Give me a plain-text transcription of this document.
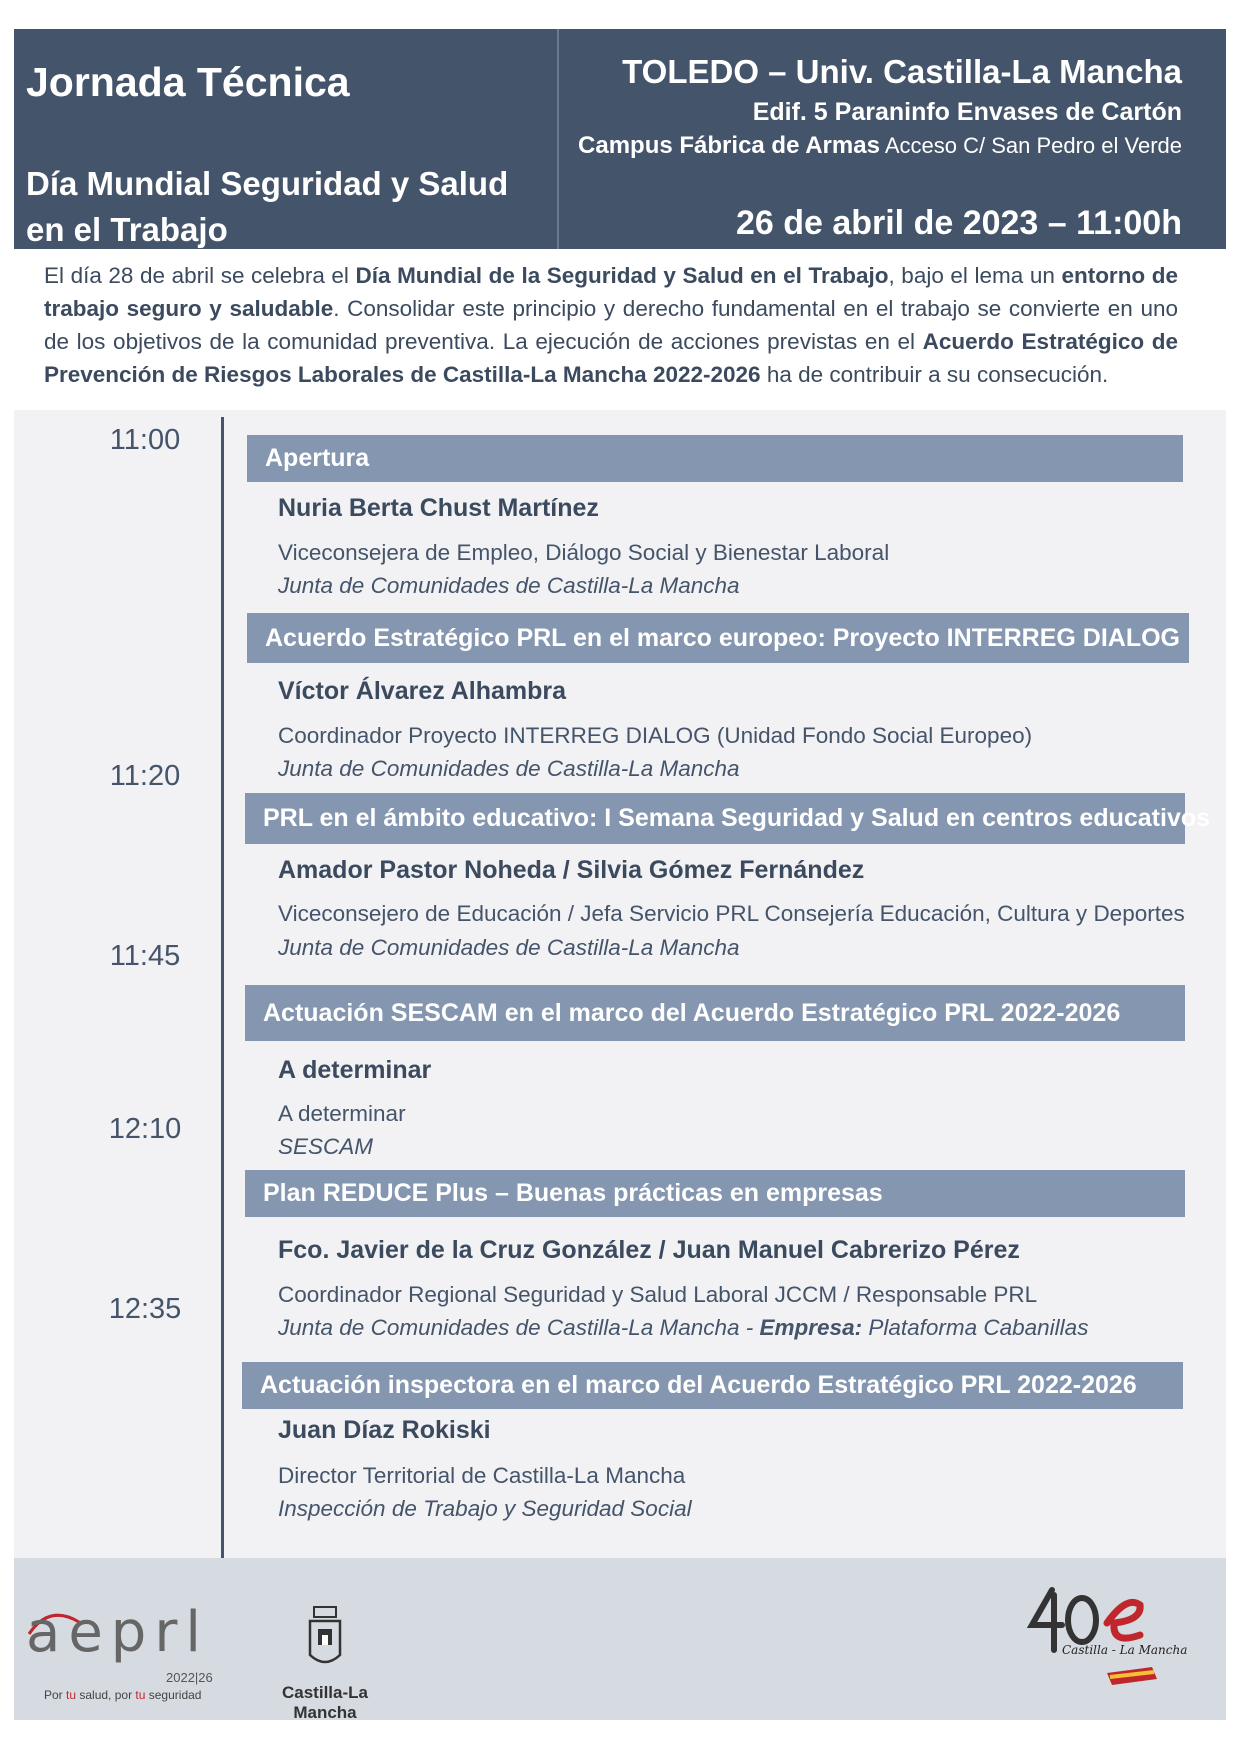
Jornada Técnica
Día Mundial Seguridad y Salud en el Trabajo
TOLEDO – Univ. Castilla-La Mancha
Edif. 5 Paraninfo Envases de Cartón
Campus Fábrica de Armas Acceso C/ San Pedro el Verde
26 de abril de 2023 – 11:00h
El día 28 de abril se celebra el Día Mundial de la Seguridad y Salud en el Trabajo, bajo el lema un entorno de trabajo seguro y saludable. Consolidar este principio y derecho fundamental en el trabajo se convierte en uno de los objetivos de la comunidad preventiva. La ejecución de acciones previstas en el Acuerdo Estratégico de Prevención de Riesgos Laborales de Castilla-La Mancha 2022-2026 ha de contribuir a su consecución.
11:00
11:20
11:45
12:10
12:35
Apertura
Nuria Berta Chust Martínez
Viceconsejera de Empleo, Diálogo Social y Bienestar Laboral
Junta de Comunidades de Castilla-La Mancha
Acuerdo Estratégico PRL en el marco europeo: Proyecto INTERREG DIALOG
Víctor Álvarez Alhambra
Coordinador Proyecto INTERREG DIALOG (Unidad Fondo Social Europeo)
Junta de Comunidades de Castilla-La Mancha
PRL en el ámbito educativo: I Semana Seguridad y Salud en centros educativos
Amador Pastor Noheda / Silvia Gómez Fernández
Viceconsejero de Educación / Jefa Servicio PRL Consejería Educación, Cultura y Deportes
Junta de Comunidades de Castilla-La Mancha
Actuación SESCAM en el marco del Acuerdo Estratégico PRL 2022-2026
A determinar
A determinar
SESCAM
Plan REDUCE Plus – Buenas prácticas en empresas
Fco. Javier de la Cruz González / Juan Manuel Cabrerizo Pérez
Coordinador Regional Seguridad y Salud Laboral JCCM / Responsable PRL
Junta de Comunidades de Castilla-La Mancha - Empresa: Plataforma Cabanillas
Actuación inspectora en el marco del Acuerdo Estratégico PRL 2022-2026
Juan Díaz Rokiski
Director Territorial de Castilla-La Mancha
Inspección de Trabajo y Seguridad Social
aeprl
2022|26
Por tu salud, por tu seguridad	Castilla-La Mancha
Castilla - La Mancha
